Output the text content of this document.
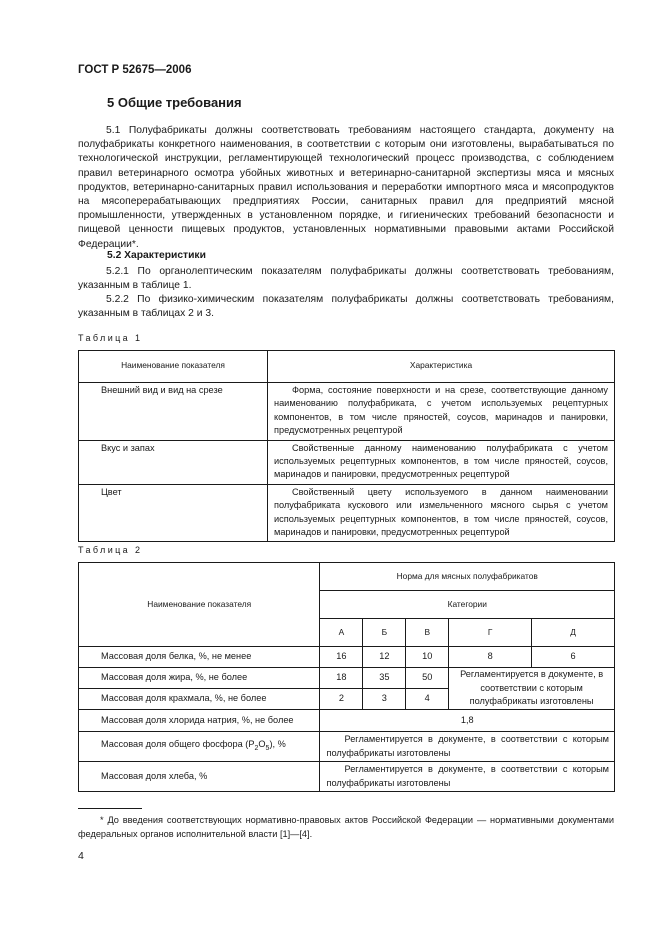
ГОСТ Р 52675—2006
5 Общие требования

5.1 Полуфабрикаты должны соответствовать требованиям настоящего стандарта, документу на полуфабрикаты конкретного наименования, в соответствии с которым они изготовлены, вырабатываться по технологической инструкции, регламентирующей технологический процесс производства, с соблюдением правил ветеринарного осмотра убойных животных и ветеринарно-санитарной экспертизы мяса и мясных продуктов, ветеринарно-санитарных правил использования и переработки импортного мяса и мясопродуктов на мясоперерабатывающих предприятиях России, санитарных правил для предприятий мясной промышленности, утвержденных в установленном порядке, и гигиенических требований безопасности и пищевой ценности пищевых продуктов, установленных нормативными правовыми актами Российской Федерации*.

5.2 Характеристики

5.2.1 По органолептическим показателям полуфабрикаты должны соответствовать требованиям, указанным в таблице 1.

5.2.2 По физико-химическим показателям полуфабрикаты должны соответствовать требованиям, указанным в таблицах 2 и 3.

Таблица 1
Наименование показателя	Характеристика
Внешний вид и вид на срезе	Форма, состояние поверхности и на срезе, соответствующие данному наименованию полуфабриката, с учетом используемых рецептурных компонентов, в том числе пряностей, соусов, маринадов и панировки, предусмотренных рецептурой
Вкус и запах	Свойственные данному наименованию полуфабриката с учетом используемых рецептурных компонентов, в том числе пряностей, соусов, маринадов и панировки, предусмотренных рецептурой
Цвет	Свойственный цвету используемого в данном наименовании полуфабриката кускового или измельченного мясного сырья с учетом используемых рецептурных компонентов, в том числе пряностей, соусов, маринадов и панировки, предусмотренных рецептурой
Таблица 2
Наименование показателя	Норма для мясных полуфабрикатов				
	Категории				
	А	Б	В	Г	Д
Массовая доля белка, %, не менее	16	12	10	8	6
Массовая доля жира, %, не более	18	35	50	Регламентируется в документе, в соответствии с которым полуфабрикаты изготовлены	
Массовая доля крахмала, %, не более	2	3	4		
Массовая доля хлорида натрия, %, не более	1,8				
Массовая доля общего фосфора $(P_2O_5)$, %	Регламентируется в документе, в соответствии с которым полуфабрикаты изготовлены				
Массовая доля хлеба, %	Регламентируется в документе, в соответствии с которым полуфабрикаты изготовлены				

* До введения соответствующих нормативно-правовых актов Российской Федерации — нормативными документами федеральных органов исполнительной власти [1]—[4].

4
